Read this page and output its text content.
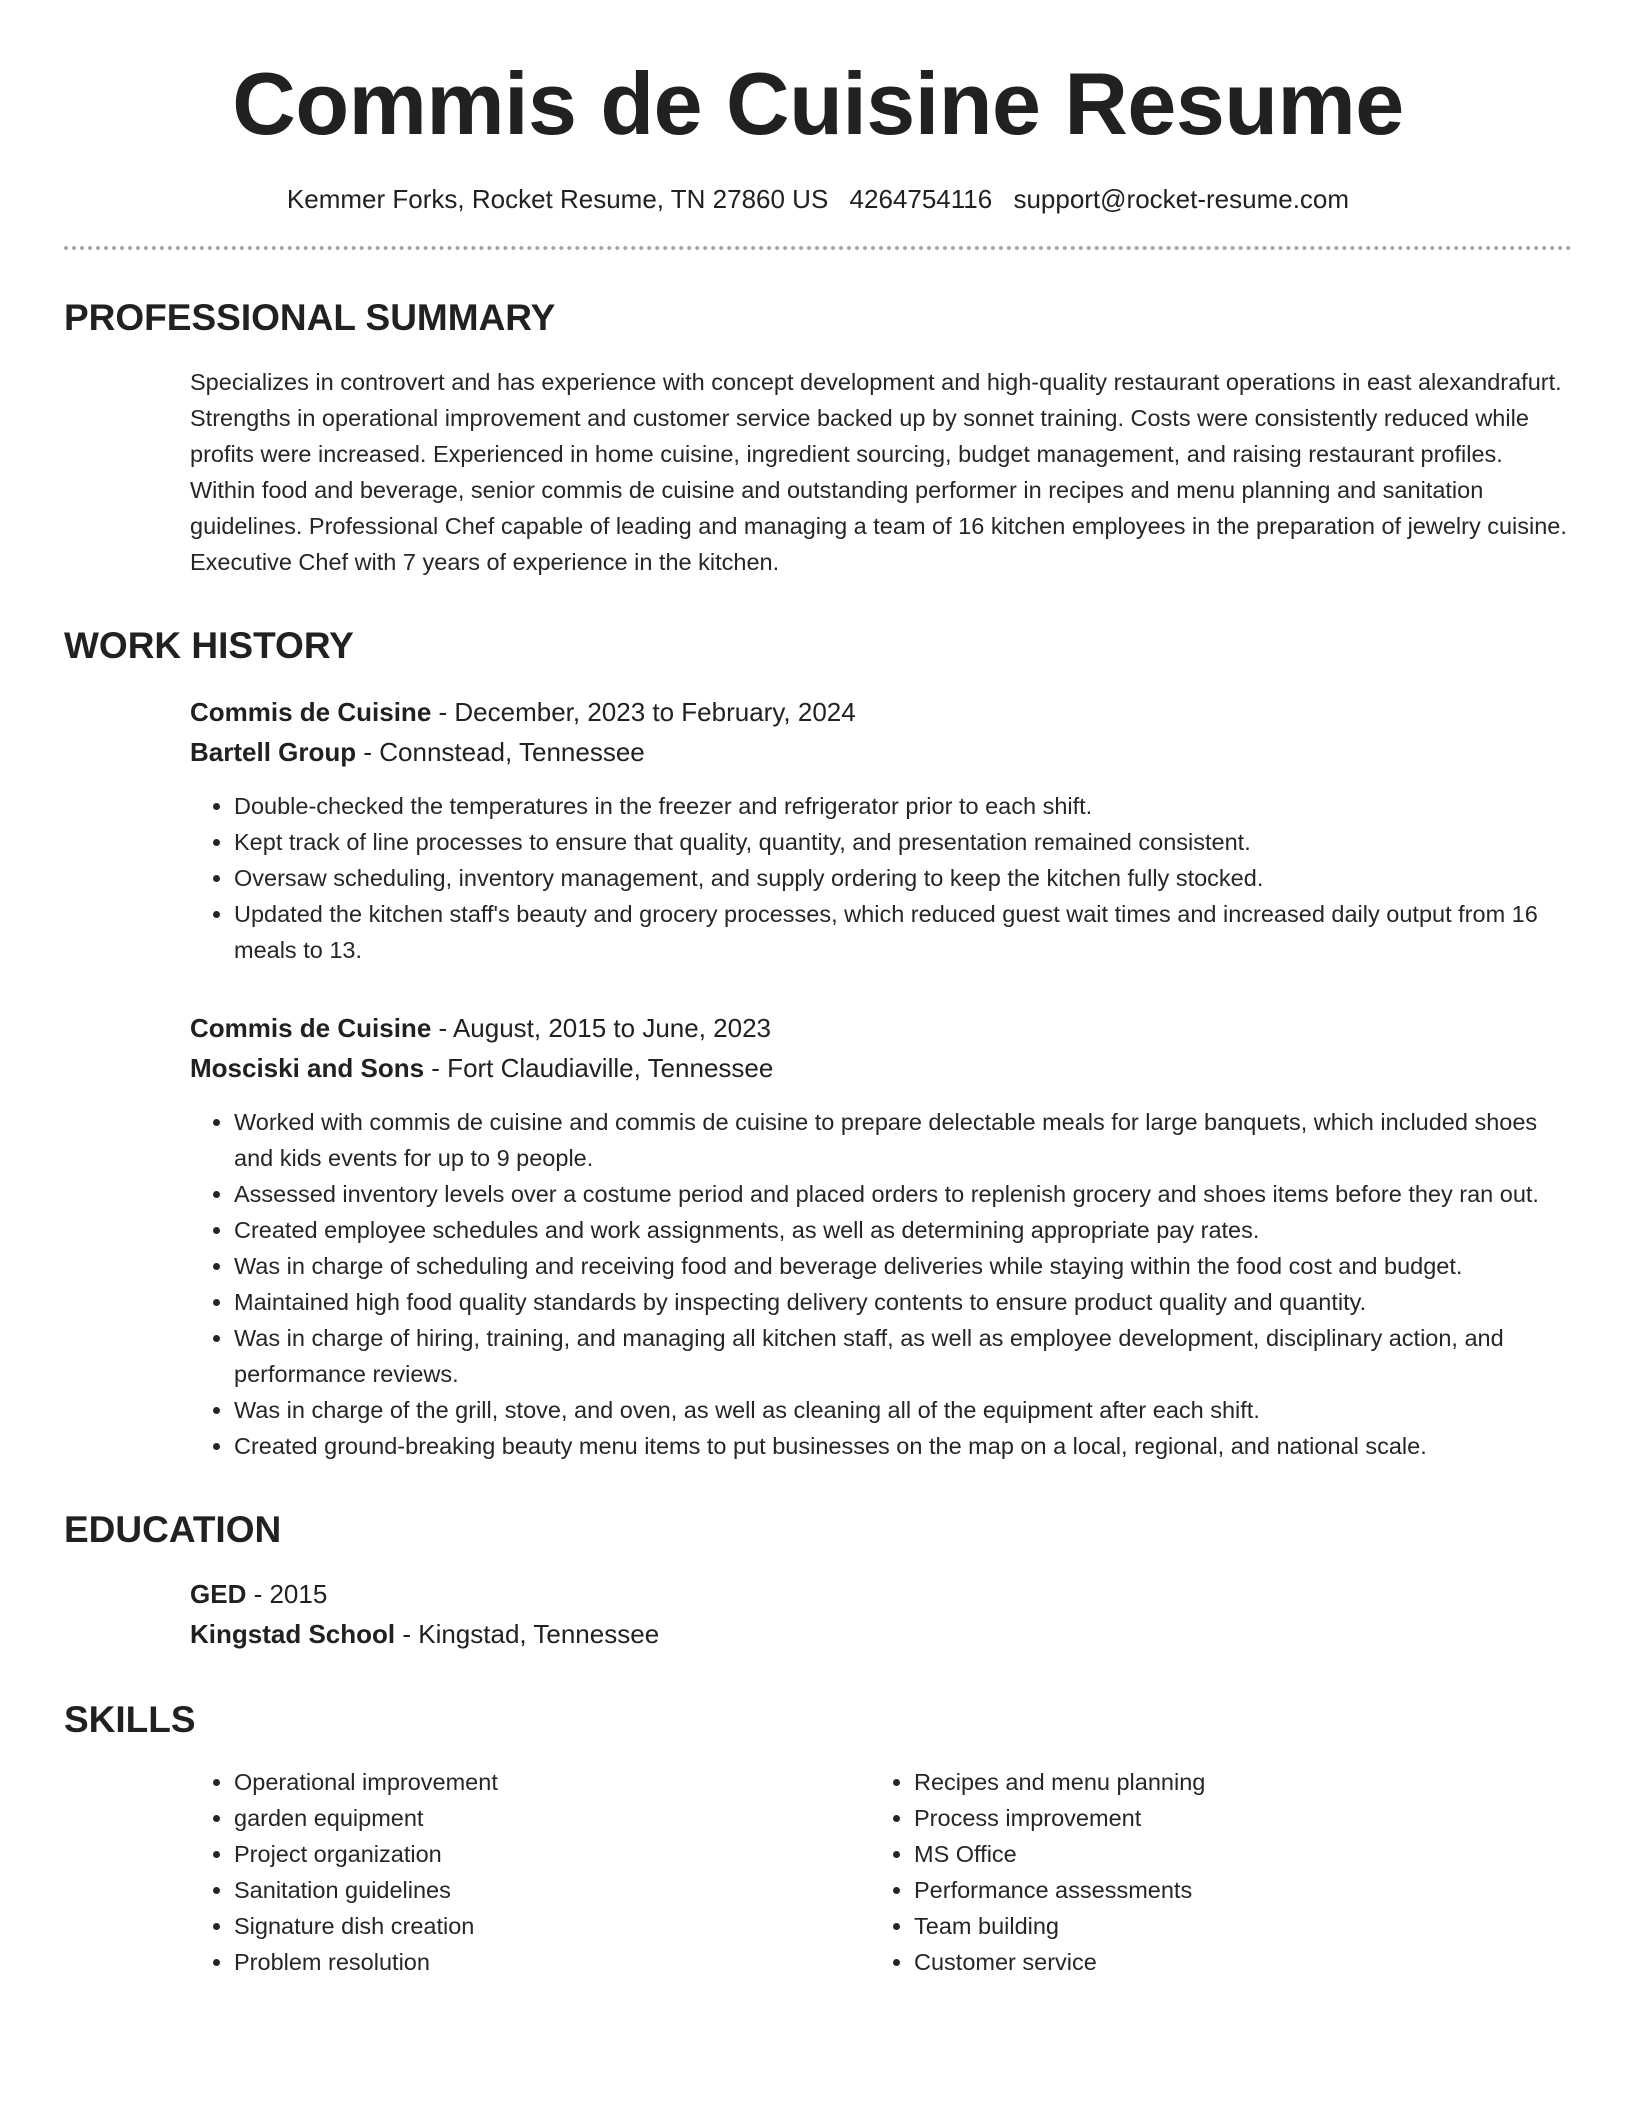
Commis de Cuisine Resume
Kemmer Forks, Rocket Resume, TN 27860 US 4264754116 support@rocket-resume.com
PROFESSIONAL SUMMARY
Specializes in controvert and has experience with concept development and high-quality restaurant operations in east alexandrafurt. Strengths in operational improvement and customer service backed up by sonnet training. Costs were consistently reduced while profits were increased. Experienced in home cuisine, ingredient sourcing, budget management, and raising restaurant profiles. Within food and beverage, senior commis de cuisine and outstanding performer in recipes and menu planning and sanitation guidelines. Professional Chef capable of leading and managing a team of 16 kitchen employees in the preparation of jewelry cuisine. Executive Chef with 7 years of experience in the kitchen.
WORK HISTORY
Commis de Cuisine - December, 2023 to February, 2024
Bartell Group - Connstead, Tennessee
• Double-checked the temperatures in the freezer and refrigerator prior to each shift.
• Kept track of line processes to ensure that quality, quantity, and presentation remained consistent.
• Oversaw scheduling, inventory management, and supply ordering to keep the kitchen fully stocked.
• Updated the kitchen staff's beauty and grocery processes, which reduced guest wait times and increased daily output from 16 meals to 13.
Commis de Cuisine - August, 2015 to June, 2023
Mosciski and Sons - Fort Claudiaville, Tennessee
• Worked with commis de cuisine and commis de cuisine to prepare delectable meals for large banquets, which included shoes and kids events for up to 9 people.
• Assessed inventory levels over a costume period and placed orders to replenish grocery and shoes items before they ran out.
• Created employee schedules and work assignments, as well as determining appropriate pay rates.
• Was in charge of scheduling and receiving food and beverage deliveries while staying within the food cost and budget.
• Maintained high food quality standards by inspecting delivery contents to ensure product quality and quantity.
• Was in charge of hiring, training, and managing all kitchen staff, as well as employee development, disciplinary action, and performance reviews.
• Was in charge of the grill, stove, and oven, as well as cleaning all of the equipment after each shift.
• Created ground-breaking beauty menu items to put businesses on the map on a local, regional, and national scale.
EDUCATION
GED - 2015
Kingstad School - Kingstad, Tennessee
SKILLS
• Operational improvement
• garden equipment
• Project organization
• Sanitation guidelines
• Signature dish creation
• Problem resolution
• Recipes and menu planning
• Process improvement
• MS Office
• Performance assessments
• Team building
• Customer service
